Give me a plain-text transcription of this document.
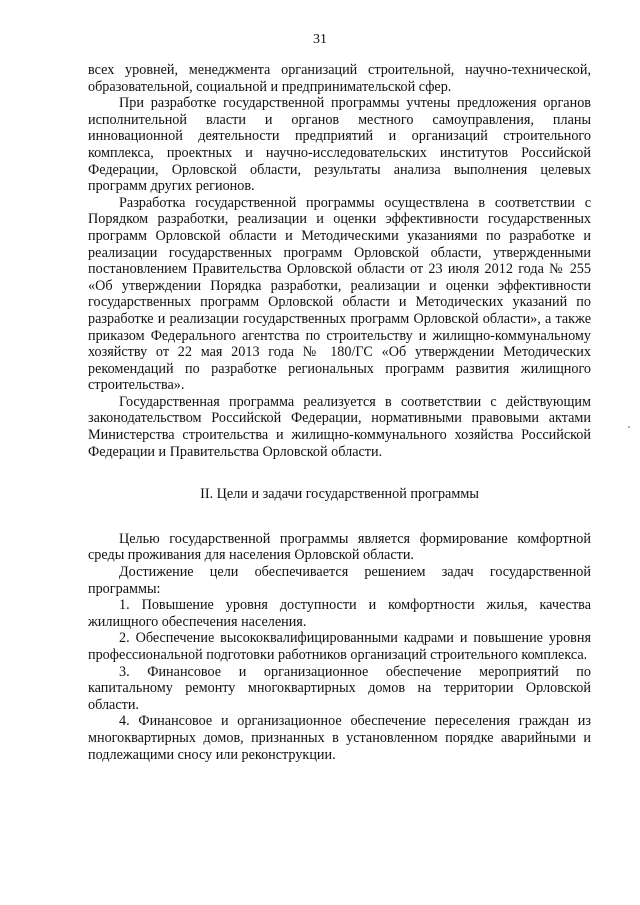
31

всех уровней, менеджмента организаций строительной, научно-технической, образовательной, социальной и предпринимательской сфер.

При разработке государственной программы учтены предложения органов исполнительной власти и органов местного самоуправления, планы инновационной деятельности предприятий и организаций строительного комплекса, проектных и научно-исследовательских институтов Российской Федерации, Орловской области, результаты анализа выполнения целевых программ других регионов.

Разработка государственной программы осуществлена в соответствии с Порядком разработки, реализации и оценки эффективности государственных программ Орловской области и Методическими указаниями по разработке и реализации государственных программ Орловской области, утвержденными постановлением Правительства Орловской области от 23 июля 2012 года № 255 «Об утверждении Порядка разработки, реализации и оценки эффективности государственных программ Орловской области и Методических указаний по разработке и реализации государственных программ Орловской области», а также приказом Федерального агентства по строительству и жилищно-коммунальному хозяйству от 22 мая 2013 года № 180/ГС «Об утверждении Методических рекомендаций по разработке региональных программ развития жилищного строительства».

Государственная программа реализуется в соответствии с действующим законодательством Российской Федерации, нормативными правовыми актами Министерства строительства и жилищно-коммунального хозяйства Российской Федерации и Правительства Орловской области.

II. Цели и задачи государственной программы

Целью государственной программы является формирование комфортной среды проживания для населения Орловской области.

Достижение цели обеспечивается решением задач государственной программы:

1. Повышение уровня доступности и комфортности жилья, качества жилищного обеспечения населения.

2. Обеспечение высококвалифицированными кадрами и повышение уровня профессиональной подготовки работников организаций строительного комплекса.

3. Финансовое и организационное обеспечение мероприятий по капитальному ремонту многоквартирных домов на территории Орловской области.

4. Финансовое и организационное обеспечение переселения граждан из многоквартирных домов, признанных в установленном порядке аварийными и подлежащими сносу или реконструкции.
